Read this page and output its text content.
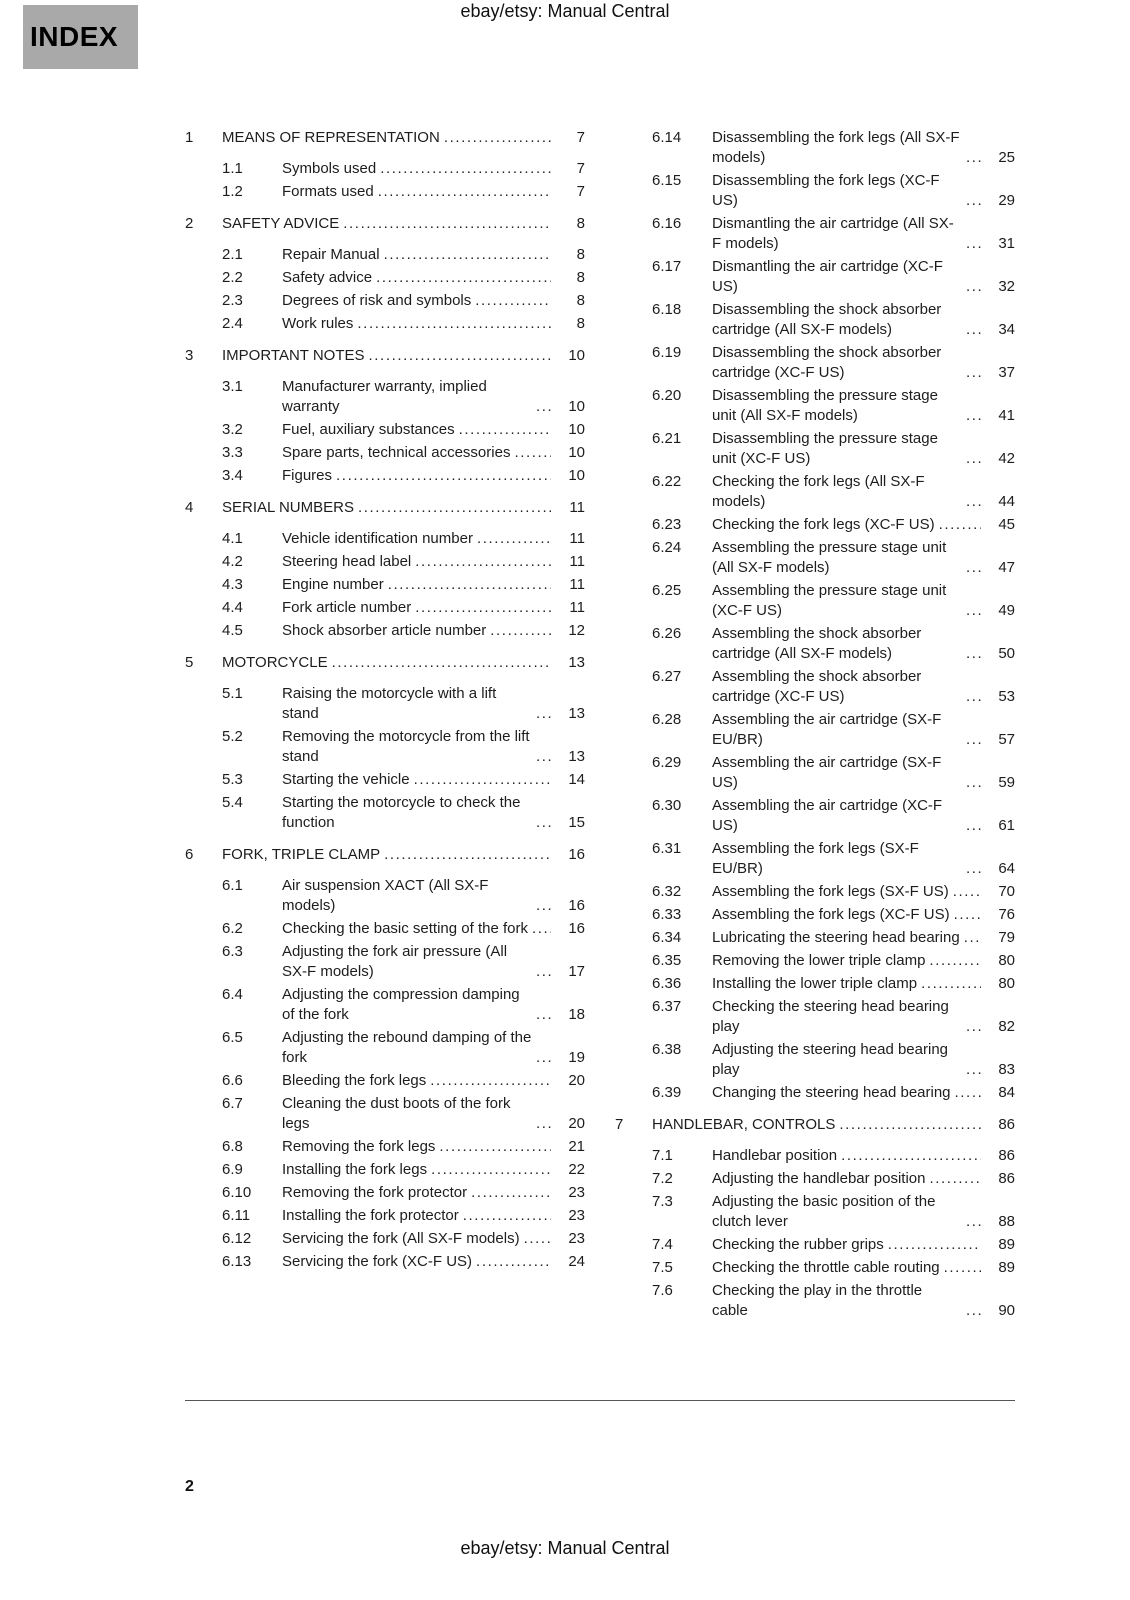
ebay/etsy: Manual Central
INDEX
1	MEANS OF REPRESENTATION .....	7
1.1	Symbols used .....	7
1.2	Formats used .....	7
2	SAFETY ADVICE .....	8
2.1	Repair Manual .....	8
2.2	Safety advice .....	8
2.3	Degrees of risk and symbols .....	8
2.4	Work rules .....	8
3	IMPORTANT NOTES .....	10
3.1	Manufacturer warranty, implied warranty .....	10
3.2	Fuel, auxiliary substances .....	10
3.3	Spare parts, technical accessories .....	10
3.4	Figures .....	10
4	SERIAL NUMBERS .....	11
4.1	Vehicle identification number .....	11
4.2	Steering head label .....	11
4.3	Engine number .....	11
4.4	Fork article number .....	11
4.5	Shock absorber article number .....	12
5	MOTORCYCLE .....	13
5.1	Raising the motorcycle with a lift stand .....	13
5.2	Removing the motorcycle from the lift stand .....	13
5.3	Starting the vehicle .....	14
5.4	Starting the motorcycle to check the function .....	15
6	FORK, TRIPLE CLAMP .....	16
6.1	Air suspension XACT (All SX-F models) .....	16
6.2	Checking the basic setting of the fork .....	16
6.3	Adjusting the fork air pressure (All SX-F models) .....	17
6.4	Adjusting the compression damping of the fork .....	18
6.5	Adjusting the rebound damping of the fork .....	19
6.6	Bleeding the fork legs .....	20
6.7	Cleaning the dust boots of the fork legs .....	20
6.8	Removing the fork legs .....	21
6.9	Installing the fork legs .....	22
6.10	Removing the fork protector .....	23
6.11	Installing the fork protector .....	23
6.12	Servicing the fork (All SX-F models) .....	23
6.13	Servicing the fork (XC-F US) .....	24
6.14	Disassembling the fork legs (All SX-F models) .....	25
6.15	Disassembling the fork legs (XC-F US) .....	29
6.16	Dismantling the air cartridge (All SX-F models) .....	31
6.17	Dismantling the air cartridge (XC-F US) .....	32
6.18	Disassembling the shock absorber cartridge (All SX-F models) .....	34
6.19	Disassembling the shock absorber cartridge (XC-F US) .....	37
6.20	Disassembling the pressure stage unit (All SX-F models) .....	41
6.21	Disassembling the pressure stage unit (XC-F US) .....	42
6.22	Checking the fork legs (All SX-F models) .....	44
6.23	Checking the fork legs (XC-F US) .....	45
6.24	Assembling the pressure stage unit (All SX-F models) .....	47
6.25	Assembling the pressure stage unit (XC-F US) .....	49
6.26	Assembling the shock absorber cartridge (All SX-F models) .....	50
6.27	Assembling the shock absorber cartridge (XC-F US) .....	53
6.28	Assembling the air cartridge (SX-F EU/BR) .....	57
6.29	Assembling the air cartridge (SX-F US) .....	59
6.30	Assembling the air cartridge (XC-F US) .....	61
6.31	Assembling the fork legs (SX-F EU/BR) .....	64
6.32	Assembling the fork legs (SX-F US) .....	70
6.33	Assembling the fork legs (XC-F US) .....	76
6.34	Lubricating the steering head bearing .....	79
6.35	Removing the lower triple clamp .....	80
6.36	Installing the lower triple clamp .....	80
6.37	Checking the steering head bearing play .....	82
6.38	Adjusting the steering head bearing play .....	83
6.39	Changing the steering head bearing .....	84
7	HANDLEBAR, CONTROLS .....	86
7.1	Handlebar position .....	86
7.2	Adjusting the handlebar position .....	86
7.3	Adjusting the basic position of the clutch lever .....	88
7.4	Checking the rubber grips .....	89
7.5	Checking the throttle cable routing .....	89
7.6	Checking the play in the throttle cable .....	90
2
ebay/etsy: Manual Central
